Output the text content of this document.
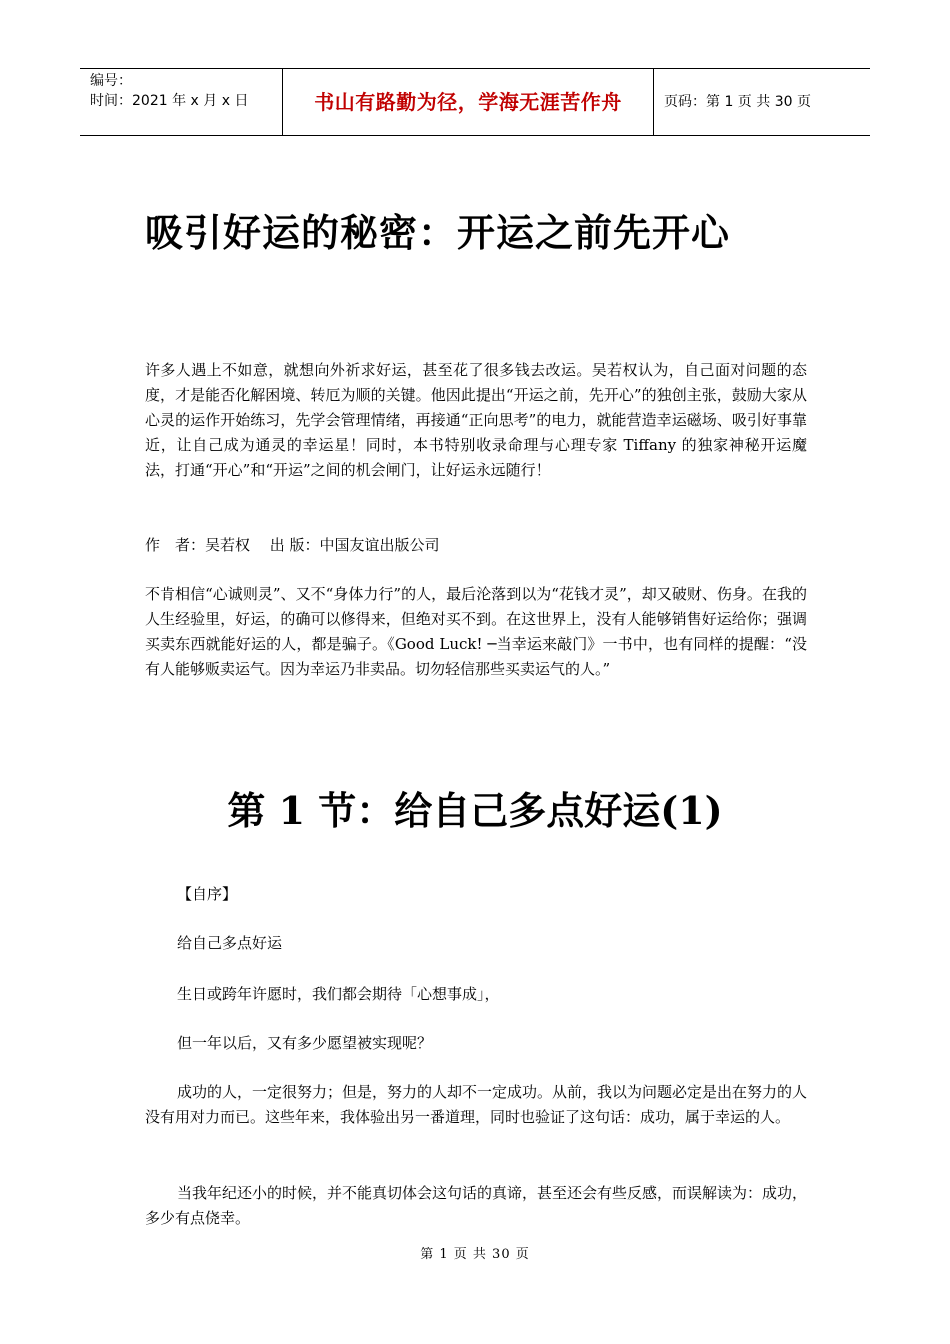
编号：
时间：2021 年 x 月 x 日	书山有路勤为径，学海无涯苦作舟	页码：第 1 页 共 30 页
吸引好运的秘密：开运之前先开心

许多人遇上不如意，就想向外祈求好运，甚至花了很多钱去改运。吴若权认为，自己面对问题的态度，才是能否化解困境、转厄为顺的关键。他因此提出“开运之前，先开心”的独创主张，鼓励大家从心灵的运作开始练习，先学会管理情绪，再接通“正向思考”的电力，就能营造幸运磁场、吸引好事靠近，让自己成为通灵的幸运星！同时，本书特别收录命理与心理专家 Tiffany 的独家神秘开运魔法，打通“开心”和“开运”之间的机会闸门，让好运永远随行！

作　者：吴若权　 出 版：中国友谊出版公司

不肯相信“心诚则灵”、又不“身体力行”的人，最后沦落到以为“花钱才灵”，却又破财、伤身。在我的人生经验里，好运，的确可以修得来，但绝对买不到。在这世界上，没有人能够销售好运给你；强调买卖东西就能好运的人，都是骗子。《Good Luck! ─当幸运来敲门》一书中，也有同样的提醒：“没有人能够贩卖运气。因为幸运乃非卖品。切勿轻信那些买卖运气的人。”

第 1 节：给自己多点好运(1)

【自序】

给自己多点好运

生日或跨年许愿时，我们都会期待「心想事成」，

但一年以后，又有多少愿望被实现呢？

成功的人，一定很努力；但是，努力的人却不一定成功。从前，我以为问题必定是出在努力的人没有用对力而已。这些年来，我体验出另一番道理，同时也验证了这句话：成功，属于幸运的人。

当我年纪还小的时候，并不能真切体会这句话的真谛，甚至还会有些反感，而误解读为：成功，多少有点侥幸。

第 1 页 共 30 页
